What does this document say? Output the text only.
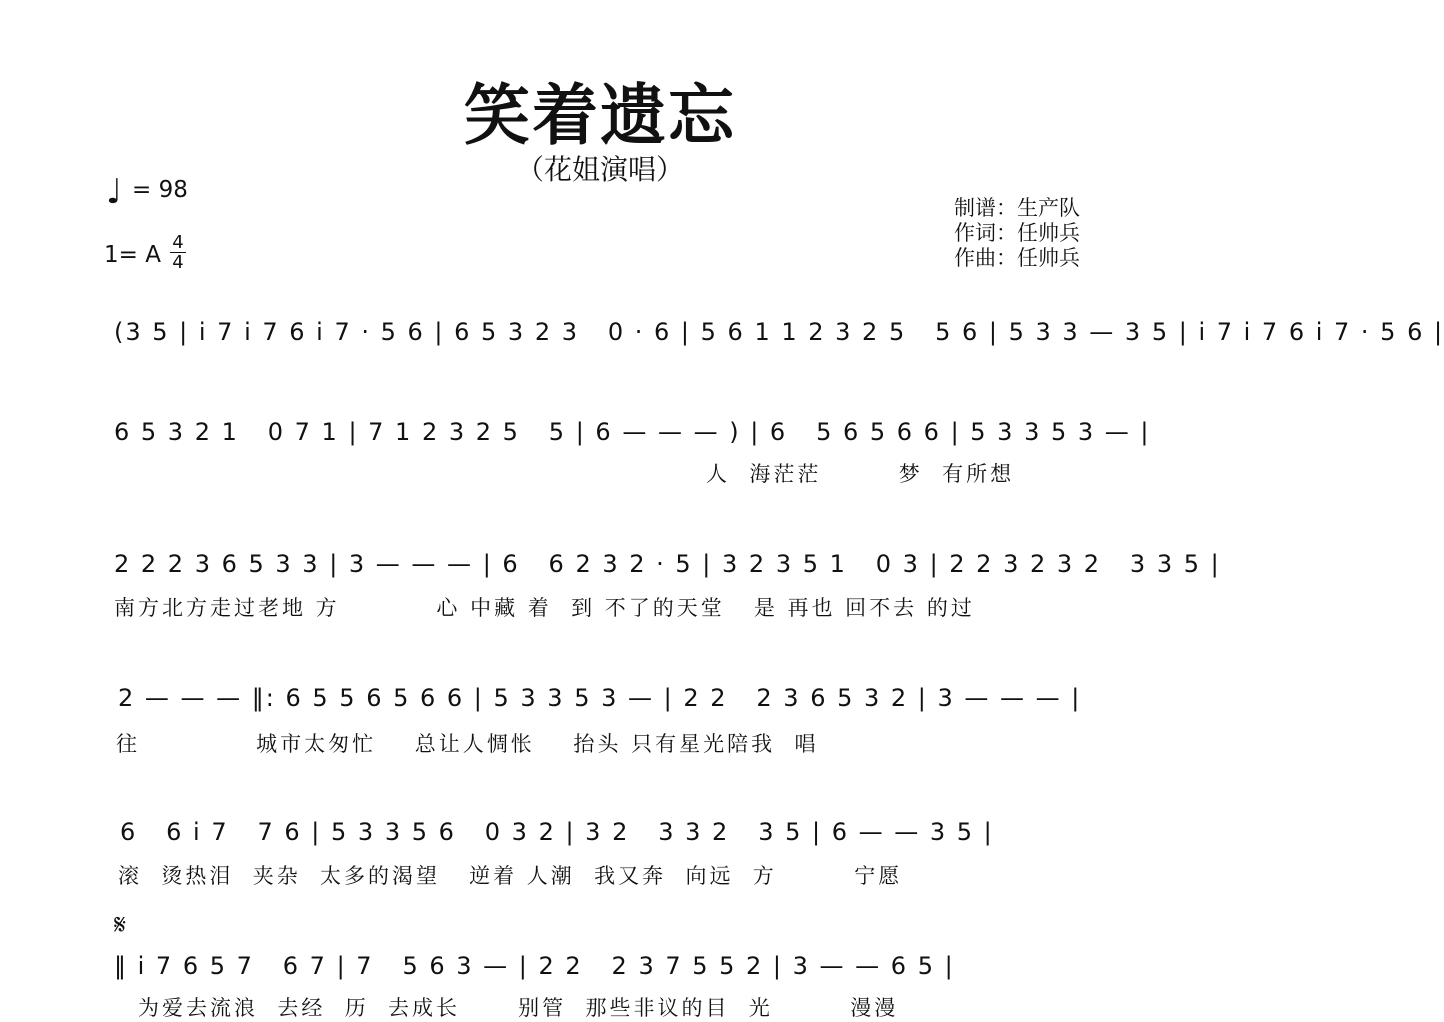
笑着遗忘
（花姐演唱）
♩ = 98
1= A 4
4
制谱：生产队
作词：任帅兵
作曲：任帅兵
(3 5 | i 7 i 7 6 i 7 · 5 6 | 6 5 3 2 3   0 · 6 | 5 6 1 1 2 3 2 5   5 6 | 5 3 3 — 3 5 | i 7 i 7 6 i 7 · 5 6 |
6 5 3 2 1   0 7 1 | 7 1 2 3 2 5   5 | 6 — — — ) | 6   5 6 5 6 6 | 5 3 3 5 3 — |
人  海茫茫        梦  有所想
2 2 2 3 6 5 3 3 | 3 — — — | 6   6 2 3 2 · 5 | 3 2 3 5 1   0 3 | 2 2 3 2 3 2   3 3 5 |
南方北方走过老地 方          心 中藏 着  到 不了的天堂   是 再也 回不去 的过
2 — — — ‖: 6 5 5 6 5 6 6 | 5 3 3 5 3 — | 2 2   2 3 6 5 3 2 | 3 — — — |
往            城市太匆忙    总让人惆怅    抬头 只有星光陪我  唱
6   6 i 7   7 6 | 5 3 3 5 6   0 3 2 | 3 2   3 3 2   3 5 | 6 — — 3 5 |
滚  烫热泪  夹杂  太多的渴望   逆着 人潮  我又奔  向远  方        宁愿
𝄋
‖ i 7 6 5 7   6 7 | 7   5 6 3 — | 2 2   2 3 7 5 5 2 | 3 — — 6 5 |
为爱去流浪  去经  历  去成长      别管  那些非议的目  光        漫漫
